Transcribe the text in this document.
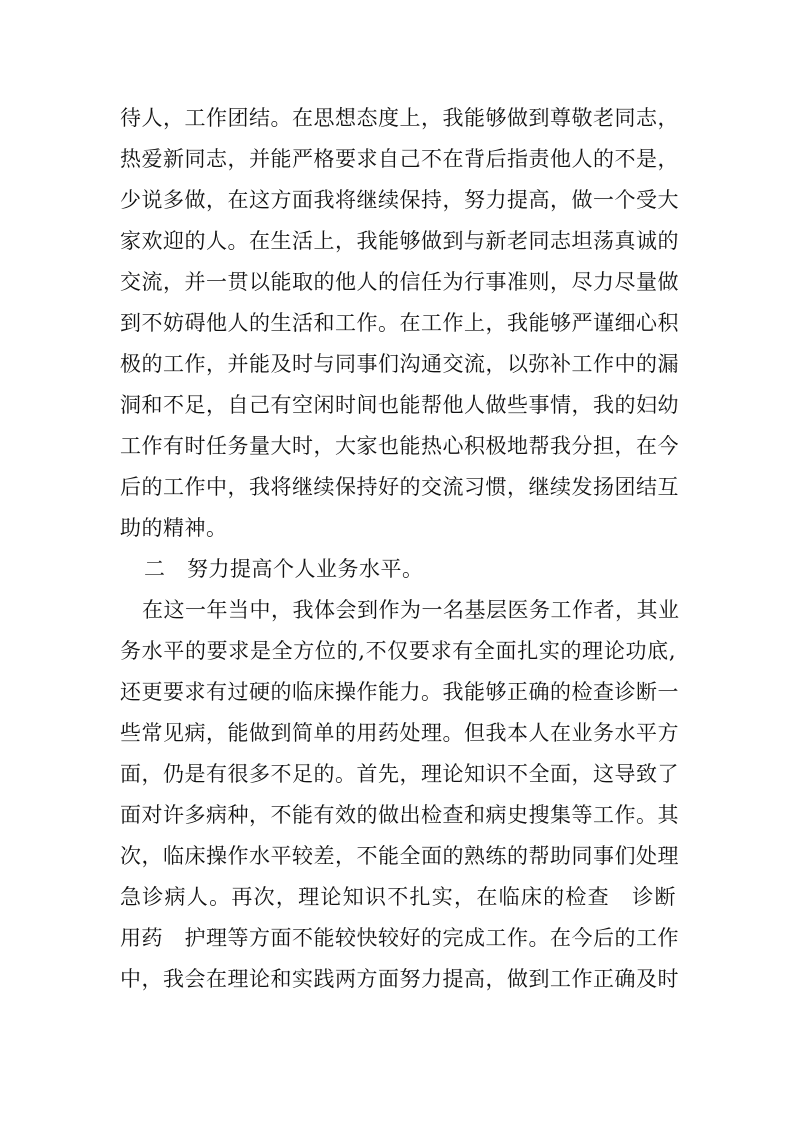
待人，工作团结。在思想态度上，我能够做到尊敬老同志，
热爱新同志，并能严格要求自己不在背后指责他人的不是，
少说多做，在这方面我将继续保持，努力提高，做一个受大
家欢迎的人。在生活上，我能够做到与新老同志坦荡真诚的
交流，并一贯以能取的他人的信任为行事准则，尽力尽量做
到不妨碍他人的生活和工作。在工作上，我能够严谨细心积
极的工作，并能及时与同事们沟通交流，以弥补工作中的漏
洞和不足，自己有空闲时间也能帮他人做些事情，我的妇幼
工作有时任务量大时，大家也能热心积极地帮我分担，在今
后的工作中，我将继续保持好的交流习惯，继续发扬团结互
助的精神。
二　努力提高个人业务水平。
在这一年当中，我体会到作为一名基层医务工作者，其业
务水平的要求是全方位的,不仅要求有全面扎实的理论功底,
还更要求有过硬的临床操作能力。我能够正确的检查诊断一
些常见病，能做到简单的用药处理。但我本人在业务水平方
面，仍是有很多不足的。首先，理论知识不全面，这导致了
面对许多病种，不能有效的做出检查和病史搜集等工作。其
次，临床操作水平较差，不能全面的熟练的帮助同事们处理
急诊病人。再次，理论知识不扎实，在临床的检查　诊断
用药　护理等方面不能较快较好的完成工作。在今后的工作
中，我会在理论和实践两方面努力提高，做到工作正确及时
